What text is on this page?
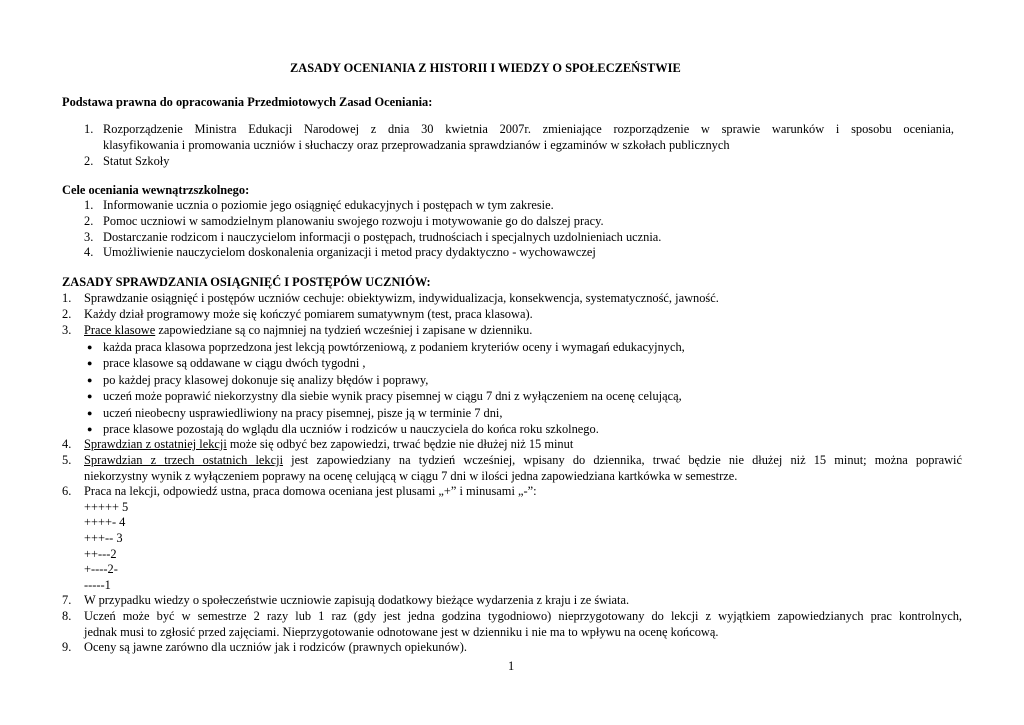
ZASADY OCENIANIA Z HISTORII I WIEDZY O SPOŁECZEŃSTWIE
Podstawa prawna do opracowania Przedmiotowych Zasad Oceniania:
1. Rozporządzenie Ministra Edukacji Narodowej z dnia 30 kwietnia 2007r. zmieniające rozporządzenie w sprawie warunków i sposobu oceniania,
klasyfikowania i promowania uczniów i słuchaczy oraz przeprowadzania sprawdzianów i egzaminów w szkołach publicznych
2. Statut Szkoły
Cele oceniania wewnątrzszkolnego:
1. Informowanie ucznia o poziomie jego osiągnięć edukacyjnych i postępach w tym zakresie.
2. Pomoc uczniowi w samodzielnym planowaniu swojego rozwoju i motywowanie go do dalszej pracy.
3. Dostarczanie rodzicom i nauczycielom informacji o postępach, trudnościach i specjalnych uzdolnieniach ucznia.
4. Umożliwienie nauczycielom doskonalenia organizacji i metod pracy dydaktyczno - wychowawczej
ZASADY SPRAWDZANIA OSIĄGNIĘĆ I POSTĘPÓW UCZNIÓW:
1. Sprawdzanie osiągnięć i postępów uczniów cechuje: obiektywizm, indywidualizacja, konsekwencja, systematyczność, jawność.
2. Każdy dział programowy może się kończyć pomiarem sumatywnym (test, praca klasowa).
3. Prace klasowe zapowiedziane są co najmniej na tydzień wcześniej i zapisane w dzienniku.
● każda praca klasowa poprzedzona jest lekcją powtórzeniową, z podaniem kryteriów oceny i wymagań edukacyjnych,
● prace klasowe są oddawane w ciągu dwóch tygodni ,
● po każdej pracy klasowej dokonuje się analizy błędów i poprawy,
● uczeń może poprawić niekorzystny dla siebie wynik pracy pisemnej w ciągu 7 dni z wyłączeniem na ocenę celującą,
● uczeń nieobecny usprawiedliwiony na pracy pisemnej, pisze ją w terminie 7 dni,
● prace klasowe pozostają do wglądu dla uczniów i rodziców u nauczyciela do końca roku szkolnego.
4. Sprawdzian z ostatniej lekcji może się odbyć bez zapowiedzi, trwać będzie nie dłużej niż 15 minut
5. Sprawdzian z trzech ostatnich lekcji jest zapowiedziany na tydzień wcześniej, wpisany do dziennika, trwać będzie nie dłużej niż 15 minut; można poprawić
niekorzystny wynik z wyłączeniem poprawy na ocenę celującą w ciągu 7 dni w ilości jedna zapowiedziana kartkówka w semestrze.
6. Praca na lekcji, odpowiedź ustna, praca domowa oceniana jest plusami „+” i minusami „-”:
+++++ 5
++++- 4
+++-- 3
++---2
+----2-
-----1
7. W przypadku wiedzy o społeczeństwie uczniowie zapisują dodatkowy bieżące wydarzenia z kraju i ze świata.
8. Uczeń może być w semestrze 2 razy lub 1 raz (gdy jest jedna godzina tygodniowo) nieprzygotowany do lekcji z wyjątkiem zapowiedzianych prac kontrolnych,
jednak musi to zgłosić przed zajęciami. Nieprzygotowanie odnotowane jest w dzienniku i nie ma to wpływu na ocenę końcową.
9. Oceny są jawne zarówno dla uczniów jak i rodziców (prawnych opiekunów).
1
